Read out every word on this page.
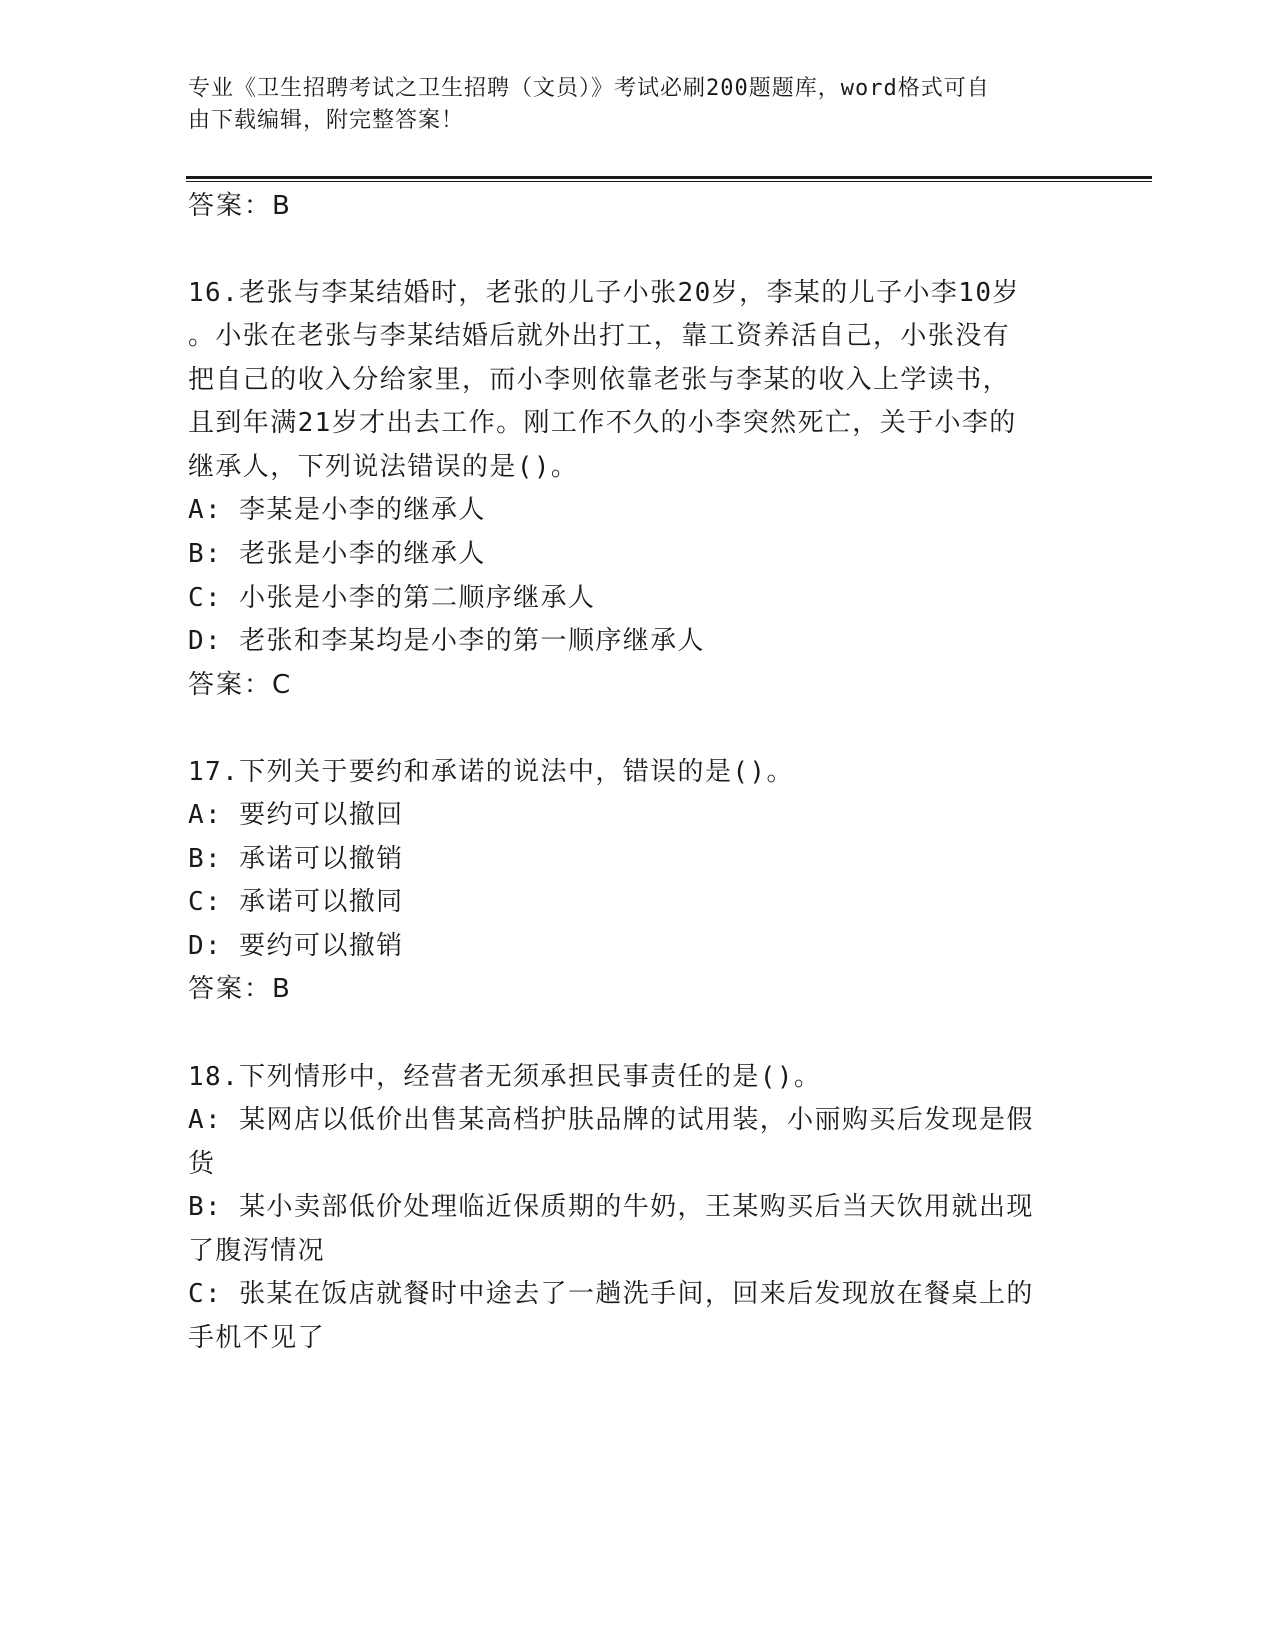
专业《卫生招聘考试之卫生招聘（文员）》考试必刷200题题库，word格式可自
由下载编辑，附完整答案！

答案：B

16.老张与李某结婚时，老张的儿子小张20岁，李某的儿子小李10岁

。小张在老张与李某结婚后就外出打工，靠工资养活自己，小张没有

把自己的收入分给家里，而小李则依靠老张与李某的收入上学读书，

且到年满21岁才出去工作。刚工作不久的小李突然死亡，关于小李的

继承人，下列说法错误的是()。

A: 李某是小李的继承人

B: 老张是小李的继承人

C: 小张是小李的第二顺序继承人

D: 老张和李某均是小李的第一顺序继承人

答案：C

17.下列关于要约和承诺的说法中，错误的是()。

A: 要约可以撤回

B: 承诺可以撤销

C: 承诺可以撤同

D: 要约可以撤销

答案：B

18.下列情形中，经营者无须承担民事责任的是()。

A: 某网店以低价出售某高档护肤品牌的试用装，小丽购买后发现是假

货

B: 某小卖部低价处理临近保质期的牛奶，王某购买后当天饮用就出现

了腹泻情况

C: 张某在饭店就餐时中途去了一趟洗手间，回来后发现放在餐桌上的

手机不见了
